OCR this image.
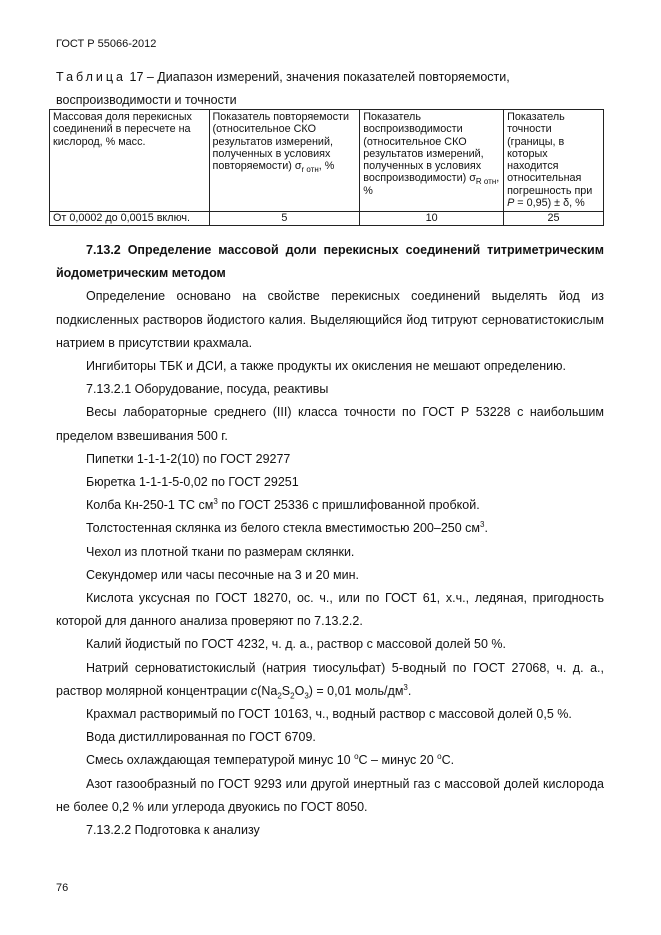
ГОСТ Р 55066-2012
Таблица 17 – Диапазон измерений, значения показателей повторяемости, воспроизводимости и точности
Массовая доля перекисных соединений в пересчете на кислород, % масс.	Показатель повторяемости (относительное СКО результатов измерений, полученных в условиях повторяемости) $\sigma_{r отн}$, %	Показатель воспроизводимости (относительное СКО результатов измерений, полученных в условиях воспроизводимости) $\sigma_{R отн}$, %	Показатель точности (границы, в которых находится относительная погрешность при P = 0,95) ± δ, %
От 0,0002 до 0,0015 включ.	5	10	25

7.13.2 Определение массовой доли перекисных соединений титриметрическим йодометрическим методом

Определение основано на свойстве перекисных соединений выделять йод из подкисленных растворов йодистого калия. Выделяющийся йод титруют серноватистокислым натрием в присутствии крахмала.

Ингибиторы ТБК и ДСИ, а также продукты их окисления не мешают определению.

7.13.2.1 Оборудование, посуда, реактивы

Весы лабораторные среднего (III) класса точности по ГОСТ Р 53228 с наибольшим пределом взвешивания 500 г.

Пипетки 1-1-1-2(10) по ГОСТ 29277

Бюретка 1-1-1-5-0,02 по ГОСТ 29251

Колба Кн-250-1 ТС $см^3$ по ГОСТ 25336 с пришлифованной пробкой.

Толстостенная склянка из белого стекла вместимостью 200–250 $см^3$.

Чехол из плотной ткани по размерам склянки.

Секундомер или часы песочные на 3 и 20 мин.

Кислота уксусная по ГОСТ 18270, ос. ч., или по ГОСТ 61, х.ч., ледяная, пригодность которой для данного анализа проверяют по 7.13.2.2.

Калий йодистый по ГОСТ 4232, ч. д. а., раствор с массовой долей 50 %.

Натрий серноватистокислый (натрия тиосульфат) 5-водный по ГОСТ 27068, ч. д. а., раствор молярной концентрации $c(Na_2S_2O_3) = 0,01$ моль/$дм^3$.

Крахмал растворимый по ГОСТ 10163, ч., водный раствор с массовой долей 0,5 %.

Вода дистиллированная по ГОСТ 6709.

Смесь охлаждающая температурой минус 10 $^o$С – минус 20 $^o$С.

Азот газообразный по ГОСТ 9293 или другой инертный газ с массовой долей кислорода не более 0,2 % или углерода двуокись по ГОСТ 8050.

7.13.2.2 Подготовка к анализу

76
